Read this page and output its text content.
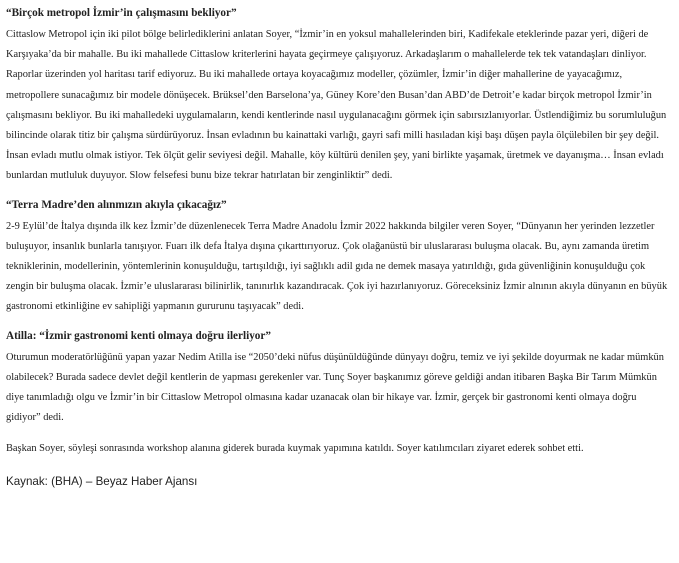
“Birçok metropol İzmir’in çalışmasını bekliyor”

Cittaslow Metropol için iki pilot bölge belirlediklerini anlatan Soyer, “İzmir’in en yoksul mahallelerinden biri, Kadifekale eteklerinde pazar yeri, diğeri de Karşıyaka’da bir mahalle. Bu iki mahallede Cittaslow kriterlerini hayata geçirmeye çalışıyoruz. Arkadaşlarım o mahallelerde tek tek vatandaşları dinliyor. Raporlar üzerinden yol haritası tarif ediyoruz. Bu iki mahallede ortaya koyacağımız modeller, çözümler, İzmir’in diğer mahallerine de yayacağımız, metropollere sunacağımız bir modele dönüşecek. Brüksel’den Barselona’ya, Güney Kore’den Busan’dan ABD’de Detroit’e kadar birçok metropol İzmir’in çalışmasını bekliyor. Bu iki mahalledeki uygulamaların, kendi kentlerinde nasıl uygulanacağını görmek için sabırsızlanıyorlar. Üstlendiğimiz bu sorumluluğun bilincinde olarak titiz bir çalışma sürdürüyoruz. İnsan evladının bu kainattaki varlığı, gayri safi milli hasıladan kişi başı düşen payla ölçülebilen bir şey değil. İnsan evladı mutlu olmak istiyor. Tek ölçüt gelir seviyesi değil. Mahalle, köy kültürü denilen şey, yani birlikte yaşamak, üretmek ve dayanışma… İnsan evladı bunlardan mutluluk duyuyor. Slow felsefesi bunu bize tekrar hatırlatan bir zenginliktir” dedi.

“Terra Madre’den alınmızın akıyla çıkacağız”

2-9 Eylül’de İtalya dışında ilk kez İzmir’de düzenlenecek Terra Madre Anadolu İzmir 2022 hakkında bilgiler veren Soyer, “Dünyanın her yerinden lezzetler buluşuyor, insanlık bunlarla tanışıyor. Fuarı ilk defa İtalya dışına çıkarttırıyoruz. Çok olağanüstü bir uluslararası buluşma olacak. Bu, aynı zamanda üretim tekniklerinin, modellerinin, yöntemlerinin konuşulduğu, tartışıldığı, iyi sağlıklı adil gıda ne demek masaya yatırıldığı, gıda güvenliğinin konuşulduğu çok zengin bir buluşma olacak. İzmir’e uluslararası bilinirlik, tanınırlık kazandıracak. Çok iyi hazırlanıyoruz. Göreceksiniz İzmir alnının akıyla dünyanın en büyük gastronomi etkinliğine ev sahipliği yapmanın gururunu taşıyacak” dedi.

Atilla: “İzmir gastronomi kenti olmaya doğru ilerliyor”

Oturumun moderatörlüğünü yapan yazar Nedim Atilla ise “2050’deki nüfus düşünüldüğünde dünyayı doğru, temiz ve iyi şekilde doyurmak ne kadar mümkün olabilecek? Burada sadece devlet değil kentlerin de yapması gerekenler var. Tunç Soyer başkanımız göreve geldiği andan itibaren Başka Bir Tarım Mümkün diye tanımladığı olgu ve İzmir’in bir Cittaslow Metropol olmasına kadar uzanacak olan bir hikaye var. İzmir, gerçek bir gastronomi kenti olmaya doğru gidiyor” dedi.

Başkan Soyer, söyleşi sonrasında workshop alanına giderek burada kuymak yapımına katıldı. Soyer katılımcıları ziyaret ederek sohbet etti.

Kaynak: (BHA) – Beyaz Haber Ajansı
